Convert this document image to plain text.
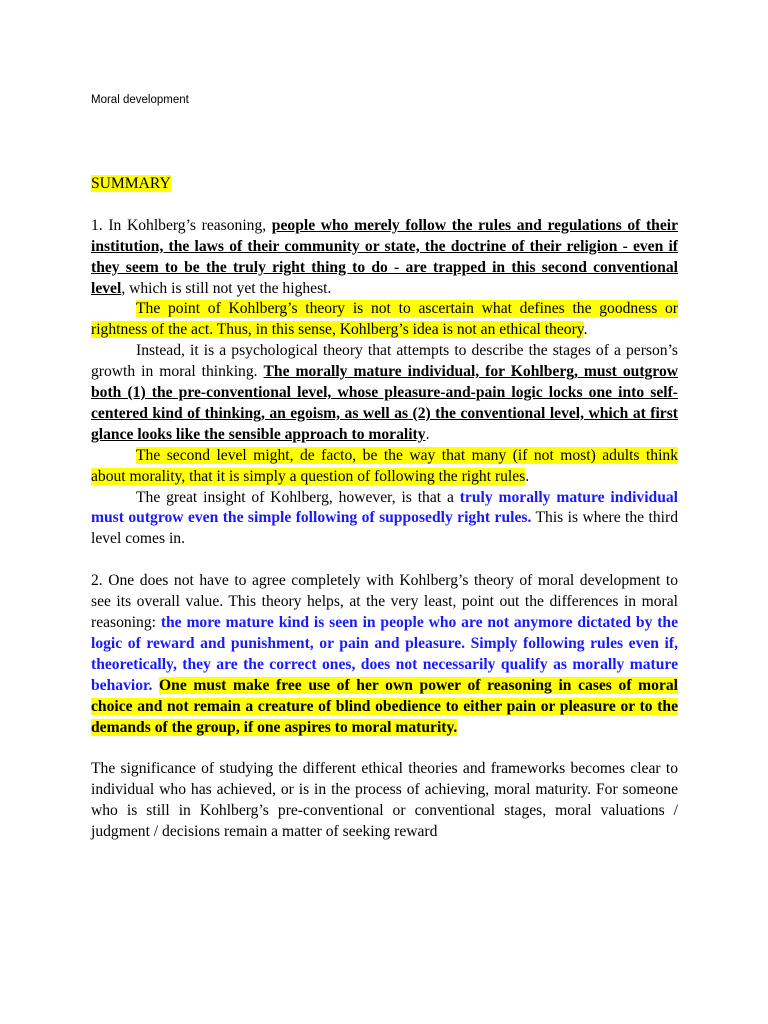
Moral development

SUMMARY

1. In Kohlberg’s reasoning, people who merely follow the rules and regulations of their institution, the laws of their community or state, the doctrine of their religion - even if they seem to be the truly right thing to do - are trapped in this second conventional level, which is still not yet the highest.

The point of Kohlberg’s theory is not to ascertain what defines the goodness or rightness of the act. Thus, in this sense, Kohlberg’s idea is not an ethical theory.

Instead, it is a psychological theory that attempts to describe the stages of a person’s growth in moral thinking. The morally mature individual, for Kohlberg, must outgrow both (1) the pre-conventional level, whose pleasure-and-pain logic locks one into self-centered kind of thinking, an egoism, as well as (2) the conventional level, which at first glance looks like the sensible approach to morality.

The second level might, de facto, be the way that many (if not most) adults think about morality, that it is simply a question of following the right rules.

The great insight of Kohlberg, however, is that a truly morally mature individual must outgrow even the simple following of supposedly right rules. This is where the third level comes in.

2. One does not have to agree completely with Kohlberg’s theory of moral development to see its overall value. This theory helps, at the very least, point out the differences in moral reasoning: the more mature kind is seen in people who are not anymore dictated by the logic of reward and punishment, or pain and pleasure. Simply following rules even if, theoretically, they are the correct ones, does not necessarily qualify as morally mature behavior. One must make free use of her own power of reasoning in cases of moral choice and not remain a creature of blind obedience to either pain or pleasure or to the demands of the group, if one aspires to moral maturity.

The significance of studying the different ethical theories and frameworks becomes clear to individual who has achieved, or is in the process of achieving, moral maturity. For someone who is still in Kohlberg’s pre-conventional or conventional stages, moral valuations / judgment / decisions remain a matter of seeking reward
